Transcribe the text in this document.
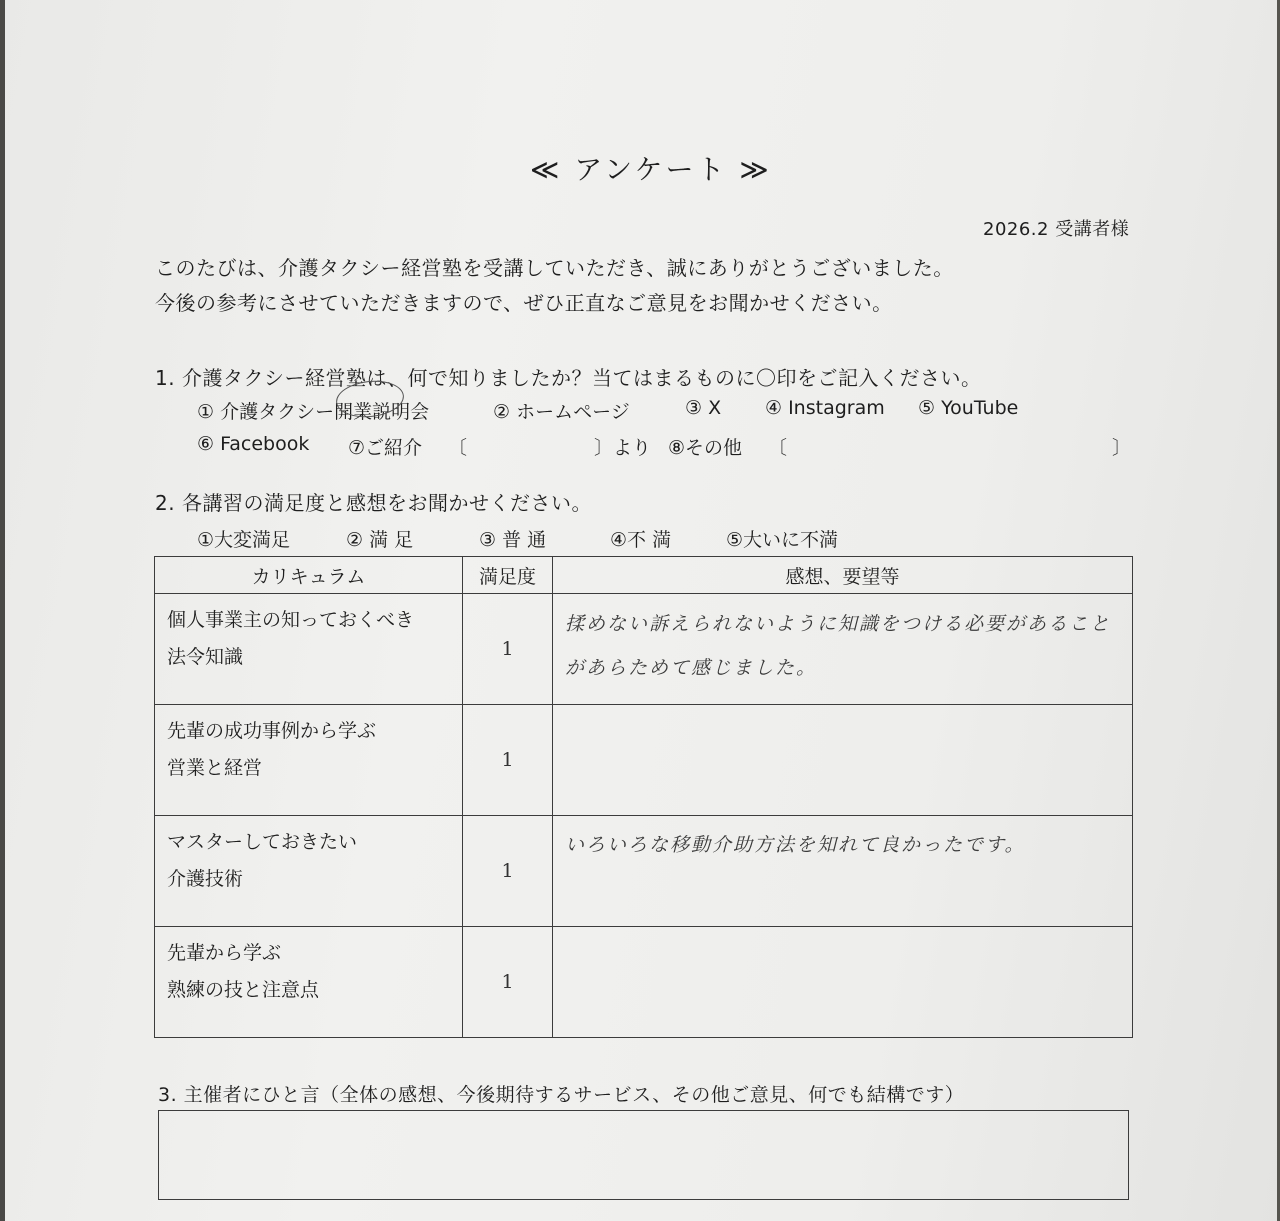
≪ アンケート ≫
2026.2 受講者様
このたびは、介護タクシー経営塾を受講していただき、誠にありがとうございました。
今後の参考にさせていただきますので、ぜひ正直なご意見をお聞かせください。
1. 介護タクシー経営塾は、何で知りましたか？当てはまるものに〇印をご記入ください。
① 介護タクシー開業説明会	② ホームページ	③ X ④ Instagram ⑤ YouTube
⑥ Facebook ⑦ご紹介 〔	〕より ⑧その他 〔	〕
2. 各講習の満足度と感想をお聞かせください。
①大変満足	② 満 足	③ 普 通	④不 満	⑤大いに不満
カリキュラム	満足度	感想、要望等

個人事業主の知っておくべき
法令知識	1	揉めない訴えられないように知識をつける必要があることがあらためて感じました。

先輩の成功事例から学ぶ
営業と経営	1	

マスターしておきたい
介護技術	1	いろいろな移動介助方法を知れて良かったです。

先輩から学ぶ
熟練の技と注意点	1	
3. 主催者にひと言（全体の感想、今後期待するサービス、その他ご意見、何でも結構です）
